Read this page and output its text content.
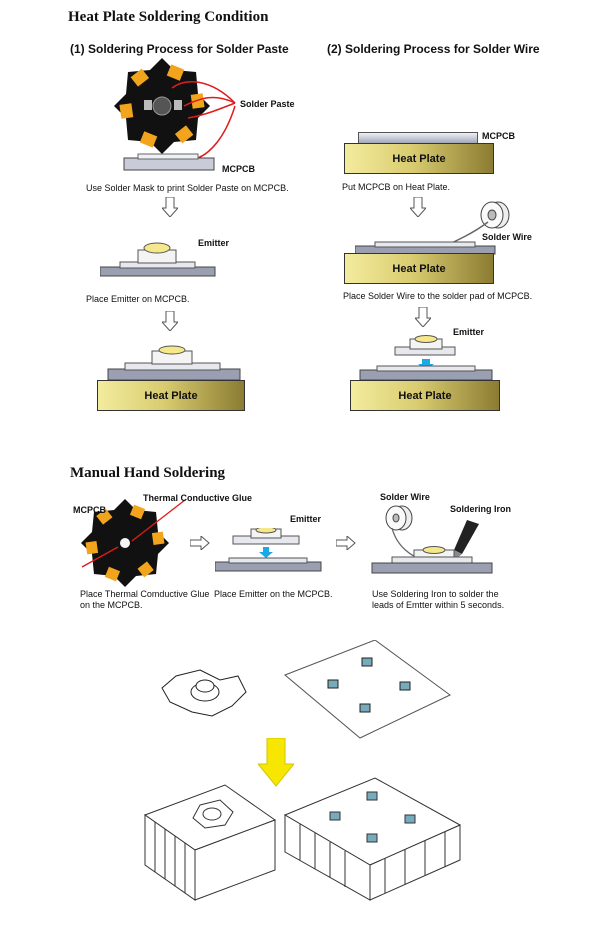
Heat Plate Soldering Condition
(1) Soldering Process for Solder Paste
Solder Paste
MCPCB
Use Solder Mask to print Solder Paste on MCPCB.
Emitter
Place Emitter on MCPCB.
Heat Plate
(2) Soldering Process for Solder Wire
MCPCB
Heat Plate
Put MCPCB on Heat Plate.
Solder Wire
Heat Plate
Place Solder Wire to the solder pad of MCPCB.
Emitter
Heat Plate
Manual Hand Soldering
MCPCB
Thermal Conductive Glue
Place Thermal Comductive Glue
on the MCPCB.
Emitter
Place Emitter on the MCPCB.
Solder Wire
Soldering Iron
Use Soldering Iron to solder the
leads of Emtter within 5 seconds.
